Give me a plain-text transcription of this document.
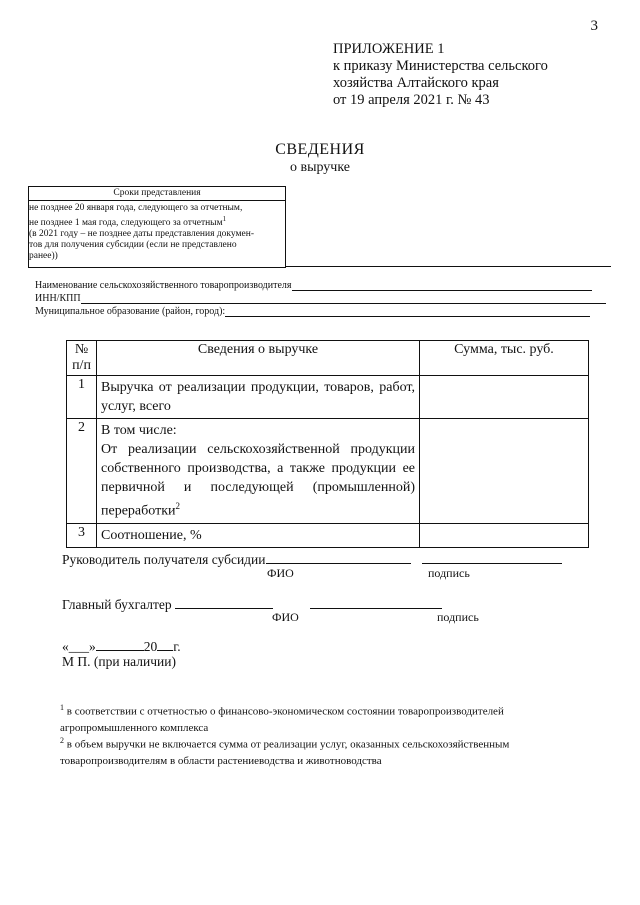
3
ПРИЛОЖЕНИЕ 1
к приказу Министерства сельского
хозяйства Алтайского края
от 19 апреля 2021 г. № 43
СВЕДЕНИЯ
о выручке
Сроки представления
не позднее 20 января года, следующего за отчетным,
не позднее 1 мая года, следующего за отчетным$^1$
(в 2021 году – не позднее даты представления докумен-
тов для получения субсидии (если не представлено
ранее))
Наименование сельскохозяйственного товаропроизводителя
ИНН/КПП
Муниципальное образование (район, город):
№ п/п	Сведения о выручке	Сумма, тыс. руб.
1	Выручка от реализации продукции, товаров, работ, услуг, всего	
2	В том числе:
От реализации сельскохозяйственной продукции собственного производства, а также продукции ее первичной и последующей (промышленной) переработки$^2$	
3	Соотношение, %	
Руководитель получателя субсидии
ФИО	подпись
Главный бухгалтер
ФИО	подпись
«___»	20 г.
М П. (при наличии)
$^1$ в соответствии с отчетностью о финансово-экономическом состоянии товаропроизводителей агропромышленного комплекса
$^2$ в объем выручки не включается сумма от реализации услуг, оказанных сельскохозяйственным товаропроизводителям в области растениеводства и животноводства
